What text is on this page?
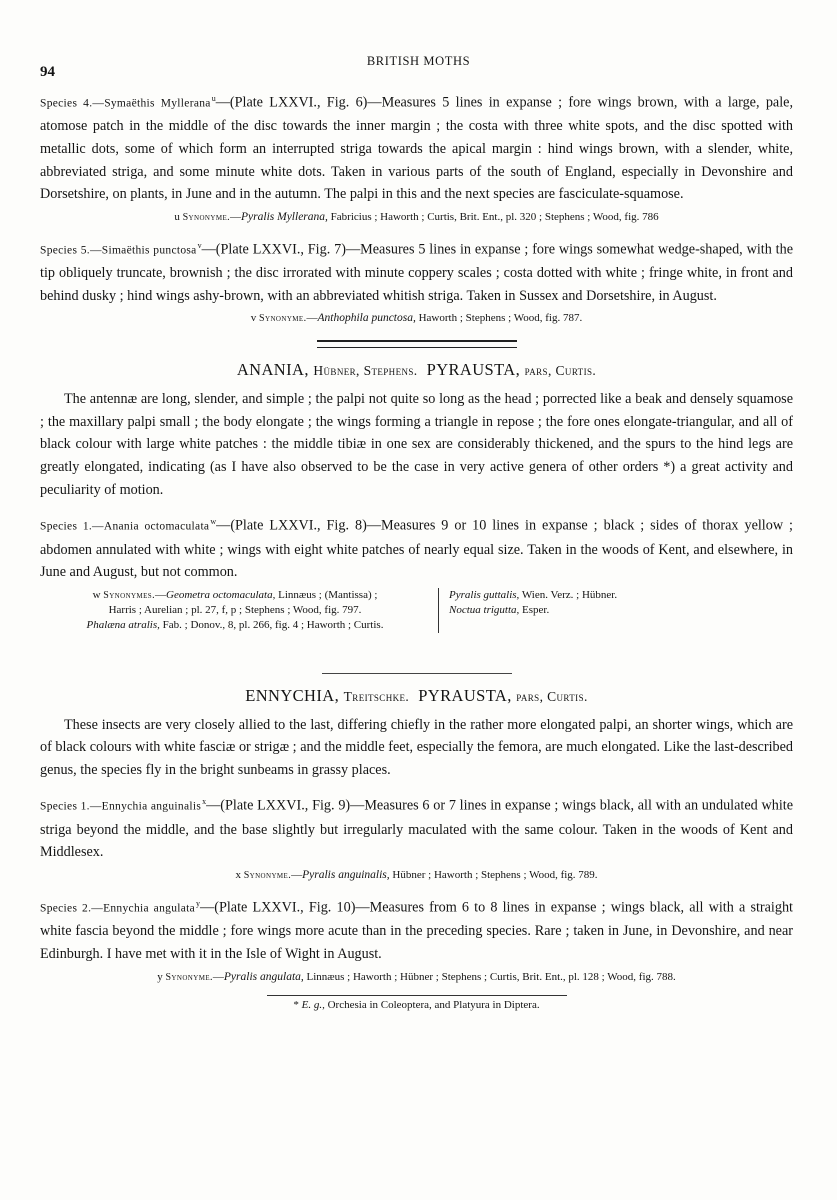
94
BRITISH MOTHS

Species 4.—Symaëthis Myllerana$^u$—(Plate LXXVI., Fig. 6)—Measures 5 lines in expanse ; fore wings brown, with a large, pale, atomose patch in the middle of the disc towards the inner margin ; the costa with three white spots, and the disc spotted with metallic dots, some of which form an interrupted striga towards the apical margin : hind wings brown, with a slender, white, abbreviated striga, and some minute white dots. Taken in various parts of the south of England, especially in Devonshire and Dorsetshire, on plants, in June and in the autumn. The palpi in this and the next species are fasciculate-squamose.

u Synonyme.—Pyralis Myllerana, Fabricius ; Haworth ; Curtis, Brit. Ent., pl. 320 ; Stephens ; Wood, fig. 786

Species 5.—Simaëthis punctosa$^v$—(Plate LXXVI., Fig. 7)—Measures 5 lines in expanse ; fore wings somewhat wedge-shaped, with the tip obliquely truncate, brownish ; the disc irrorated with minute coppery scales ; costa dotted with white ; fringe white, in front and behind dusky ; hind wings ashy-brown, with an abbreviated whitish striga. Taken in Sussex and Dorsetshire, in August.

v Synonyme.—Anthophila punctosa, Haworth ; Stephens ; Wood, fig. 787.

ANANIA, Hübner, Stephens. PYRAUSTA, pars, Curtis.

The antennæ are long, slender, and simple ; the palpi not quite so long as the head ; porrected like a beak and densely squamose ; the maxillary palpi small ; the body elongate ; the wings forming a triangle in repose ; the fore ones elongate-triangular, and all of black colour with large white patches : the middle tibiæ in one sex are considerably thickened, and the spurs to the hind legs are greatly elongated, indicating (as I have also observed to be the case in very active genera of other orders *) a great activity and peculiarity of motion.

Species 1.—Anania octomaculata$^w$—(Plate LXXVI., Fig. 8)—Measures 9 or 10 lines in expanse ; black ; sides of thorax yellow ; abdomen annulated with white ; wings with eight white patches of nearly equal size. Taken in the woods of Kent, and elsewhere, in June and August, but not common.

w Synonymes.—Geometra octomaculata, Linnæus ; (Mantissa) ;
Harris ; Aurelian ; pl. 27, f, p ; Stephens ; Wood, fig. 797.
Phalæna atralis, Fab. ; Donov., 8, pl. 266, fig. 4 ; Haworth ; Curtis.
Pyralis guttalis, Wien. Verz. ; Hübner.
Noctua trigutta, Esper.
ENNYCHIA, Treitschke. PYRAUSTA, pars, Curtis.

These insects are very closely allied to the last, differing chiefly in the rather more elongated palpi, an shorter wings, which are of black colours with white fasciæ or strigæ ; and the middle feet, especially the femora, are much elongated. Like the last-described genus, the species fly in the bright sunbeams in grassy places.

Species 1.—Ennychia anguinalis$^x$—(Plate LXXVI., Fig. 9)—Measures 6 or 7 lines in expanse ; wings black, all with an undulated white striga beyond the middle, and the base slightly but irregularly maculated with the same colour. Taken in the woods of Kent and Middlesex.

x Synonyme.—Pyralis anguinalis, Hübner ; Haworth ; Stephens ; Wood, fig. 789.

Species 2.—Ennychia angulata$^y$—(Plate LXXVI., Fig. 10)—Measures from 6 to 8 lines in expanse ; wings black, all with a straight white fascia beyond the middle ; fore wings more acute than in the preceding species. Rare ; taken in June, in Devonshire, and near Edinburgh. I have met with it in the Isle of Wight in August.

y Synonyme.—Pyralis angulata, Linnæus ; Haworth ; Hübner ; Stephens ; Curtis, Brit. Ent., pl. 128 ; Wood, fig. 788.

* E. g., Orchesia in Coleoptera, and Platyura in Diptera.
